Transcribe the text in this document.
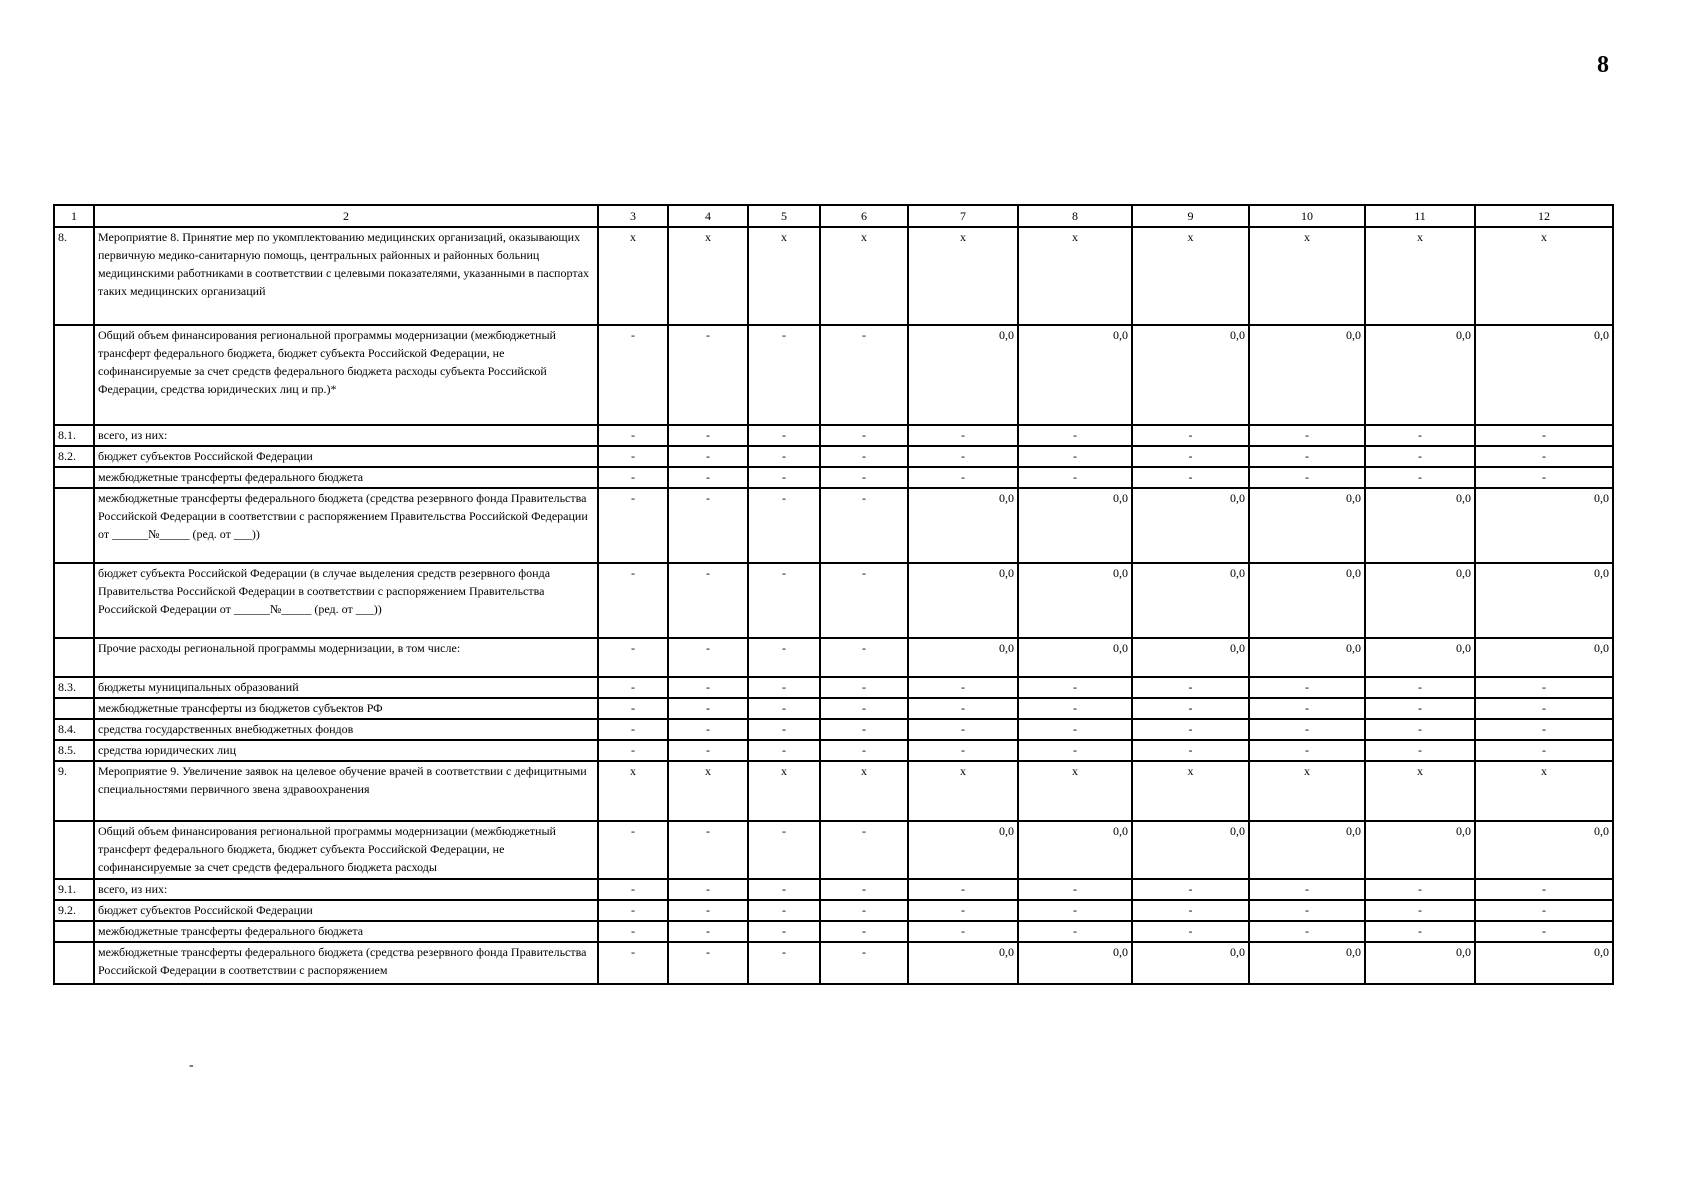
8
1	2	3	4	5	6	7	8	9	10	11	12
8.	Мероприятие 8. Принятие мер по укомплектованию медицинских организаций, оказывающих первичную медико-санитарную помощь, центральных районных и районных больниц медицинскими работниками в соответствии с целевыми показателями, указанными в паспортах таких медицинских организаций	x	x	x	x	x	x	x	x	x	x
	Общий объем финансирования региональной программы модернизации (межбюджетный трансферт федерального бюджета, бюджет субъекта Российской Федерации, не софинансируемые за счет средств федерального бюджета расходы субъекта Российской Федерации, средства юридических лиц и пр.)*	-	-	-	-	0,0	0,0	0,0	0,0	0,0	0,0
8.1.	всего, из них:	-	-	-	-	-	-	-	-	-	-
8.2.	бюджет субъектов Российской Федерации	-	-	-	-	-	-	-	-	-	-
	межбюджетные трансферты федерального бюджета	-	-	-	-	-	-	-	-	-	-
	межбюджетные трансферты федерального бюджета (средства резервного фонда Правительства Российской Федерации в соответствии с распоряжением Правительства Российской Федерации от ______№_____ (ред. от ___))	-	-	-	-	0,0	0,0	0,0	0,0	0,0	0,0
	бюджет субъекта Российской Федерации (в случае выделения средств резервного фонда Правительства Российской Федерации в соответствии с распоряжением Правительства Российской Федерации от ______№_____ (ред. от ___))	-	-	-	-	0,0	0,0	0,0	0,0	0,0	0,0
	Прочие расходы региональной программы модернизации, в том числе:	-	-	-	-	0,0	0,0	0,0	0,0	0,0	0,0
8.3.	бюджеты муниципальных образований	-	-	-	-	-	-	-	-	-	-
	межбюджетные трансферты из бюджетов субъектов РФ	-	-	-	-	-	-	-	-	-	-
8.4.	средства государственных внебюджетных фондов	-	-	-	-	-	-	-	-	-	-
8.5.	средства юридических лиц	-	-	-	-	-	-	-	-	-	-
9.	Мероприятие 9. Увеличение заявок на целевое обучение врачей в соответствии с дефицитными специальностями первичного звена здравоохранения	x	x	x	x	x	x	x	x	x	x
	Общий объем финансирования региональной программы модернизации (межбюджетный трансферт федерального бюджета, бюджет субъекта Российской Федерации, не софинансируемые за счет средств федерального бюджета расходы	-	-	-	-	0,0	0,0	0,0	0,0	0,0	0,0
9.1.	всего, из них:	-	-	-	-	-	-	-	-	-	-
9.2.	бюджет субъектов Российской Федерации	-	-	-	-	-	-	-	-	-	-
	межбюджетные трансферты федерального бюджета	-	-	-	-	-	-	-	-	-	-
	межбюджетные трансферты федерального бюджета (средства резервного фонда Правительства Российской Федерации в соответствии с распоряжением	-	-	-	-	0,0	0,0	0,0	0,0	0,0	0,0
-
